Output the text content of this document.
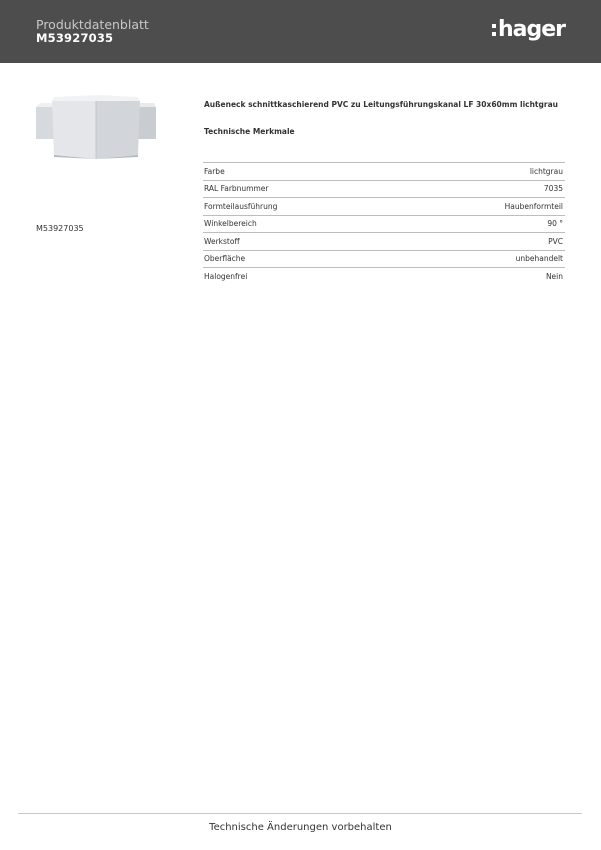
Produktdatenblatt
M53927035	hager
M53927035
Außeneck schnittkaschierend PVC zu Leitungsführungskanal LF 30x60mm lichtgrau
Technische Merkmale
Farbe	lichtgrau
RAL Farbnummer	7035
Formteilausführung	Haubenformteil
Winkelbereich	90 °
Werkstoff	PVC
Oberfläche	unbehandelt
Halogenfrei	Nein
Technische Änderungen vorbehalten
